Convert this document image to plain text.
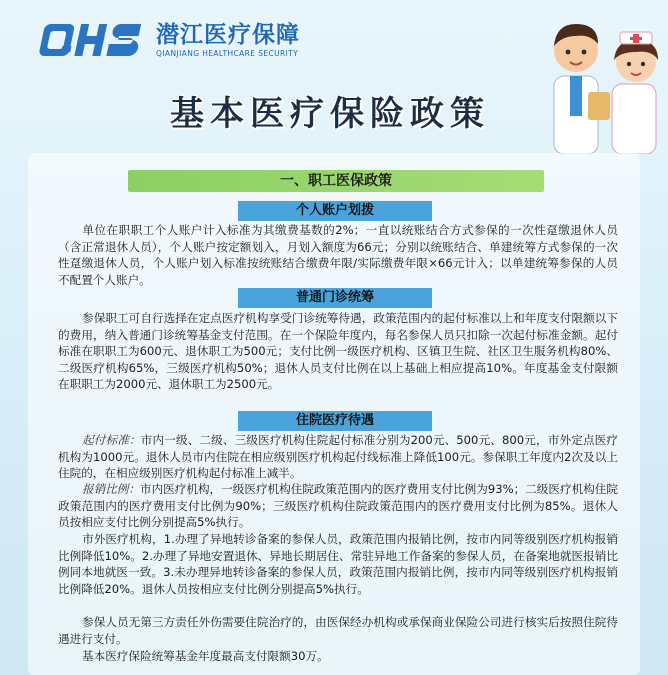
潜江医疗保障
QIANJIANG HEALTHCARE SECURITY
基本医疗保险政策
一、职工医保政策
个人账户划拨
单位在职职工个人账户计入标准为其缴费基数的2%；一直以统账结合方式参保的一次性趸缴退休人员（含正常退休人员），个人账户按定额划入，月划入额度为66元；分别以统账结合、单建统筹方式参保的一次性趸缴退休人员，个人账户划入标准按统账结合缴费年限/实际缴费年限×66元计入；以单建统筹参保的人员不配置个人账户。
普通门诊统筹
参保职工可自行选择在定点医疗机构享受门诊统筹待遇，政策范围内的起付标准以上和年度支付限额以下的费用，纳入普通门诊统筹基金支付范围。在一个保险年度内，每名参保人员只扣除一次起付标准金额。起付标准在职职工为600元、退休职工为500元；支付比例一级医疗机构、区镇卫生院、社区卫生服务机构80%、二级医疗机构65%，三级医疗机构50%；退休人员支付比例在以上基础上相应提高10%。年度基金支付限额在职职工为2000元、退休职工为2500元。
住院医疗待遇
起付标准：市内一级、二级、三级医疗机构住院起付标准分别为200元、500元、800元，市外定点医疗机构为1000元。退休人员市内住院在相应级别医疗机构起付线标准上降低100元。参保职工年度内2次及以上住院的，在相应级别医疗机构起付标准上减半。
报销比例：市内医疗机构，一级医疗机构住院政策范围内的医疗费用支付比例为93%；二级医疗机构住院政策范围内的医疗费用支付比例为90%；三级医疗机构住院政策范围内的医疗费用支付比例为85%。退休人员按相应支付比例分别提高5%执行。
市外医疗机构，1.办理了异地转诊备案的参保人员，政策范围内报销比例，按市内同等级别医疗机构报销比例降低10%。2.办理了异地安置退休、异地长期居住、常驻异地工作备案的参保人员，在备案地就医报销比例同本地就医一致。3.未办理异地转诊备案的参保人员，政策范围内报销比例，按市内同等级别医疗机构报销比例降低20%。退休人员按相应支付比例分别提高5%执行。
参保人员无第三方责任外伤需要住院治疗的，由医保经办机构或承保商业保险公司进行核实后按照住院待遇进行支付。
基本医疗保险统筹基金年度最高支付限额30万。
